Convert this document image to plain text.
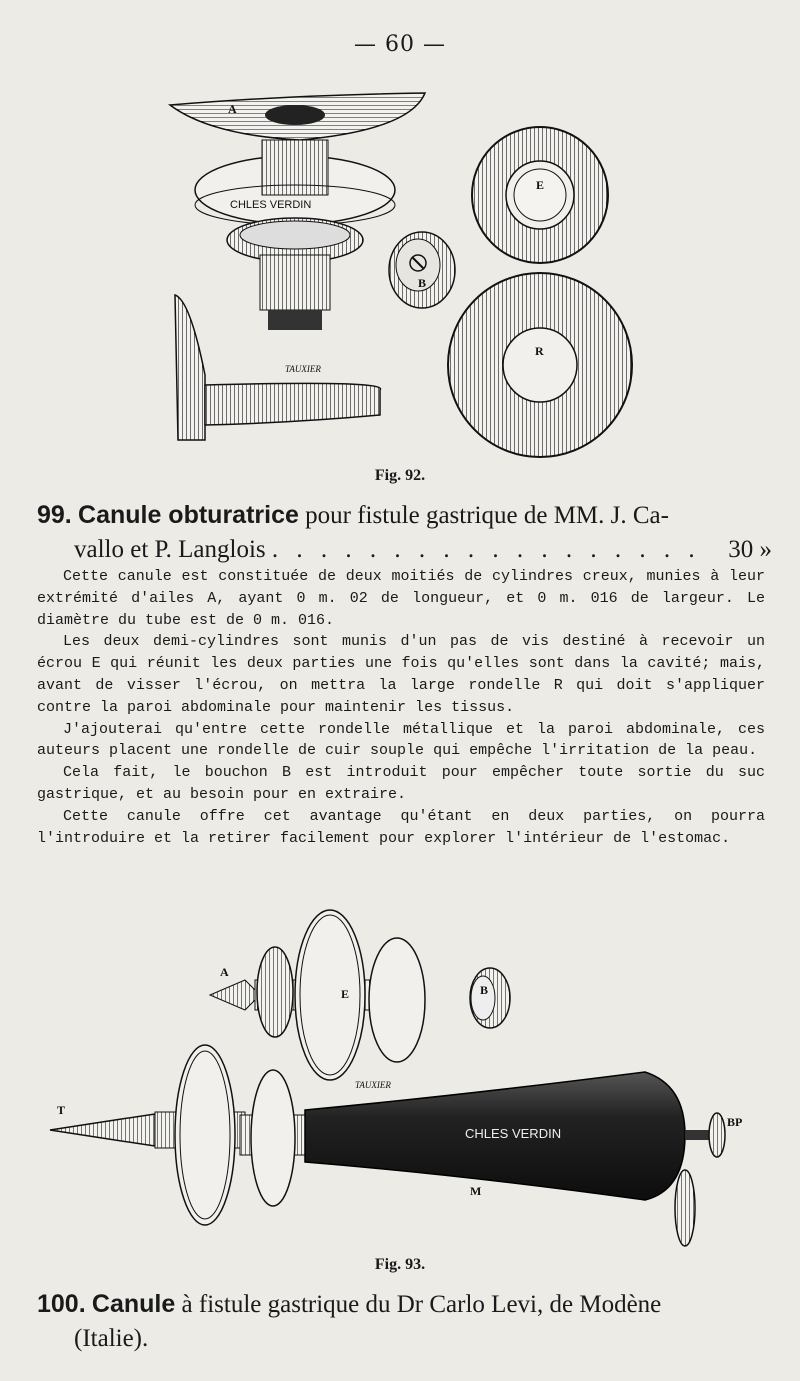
— 60 —
CHLES VERDIN
TAUXIER
A
E
B
R
Fig. 92.
99. Canule obturatrice pour fistule gastrique de MM. J. Ca-
vallo et P. Langlois . . . . . . . . . . . . . . . . . . 30 »

Cette canule est constituée de deux moitiés de cylindres creux, munies à leur extrémité d'ailes A, ayant 0 m. 02 de longueur, et 0 m. 016 de largeur. Le diamètre du tube est de 0 m. 016.

Les deux demi-cylindres sont munis d'un pas de vis destiné à recevoir un écrou E qui réunit les deux parties une fois qu'elles sont dans la cavité; mais, avant de visser l'écrou, on mettra la large rondelle R qui doit s'appliquer contre la paroi abdominale pour maintenir les tissus.

J'ajouterai qu'entre cette rondelle métallique et la paroi abdominale, ces auteurs placent une rondelle de cuir souple qui empêche l'irritation de la peau.

Cela fait, le bouchon B est introduit pour empêcher toute sortie du suc gastrique, et au besoin pour en extraire.

Cette canule offre cet avantage qu'étant en deux parties, on pourra l'introduire et la retirer facilement pour explorer l'intérieur de l'estomac.

A
E	B
TAUXIER
CHLES VERDIN
T
BP
M
Fig. 93.
100. Canule à fistule gastrique du Dr Carlo Levi, de Modène
(Italie).
